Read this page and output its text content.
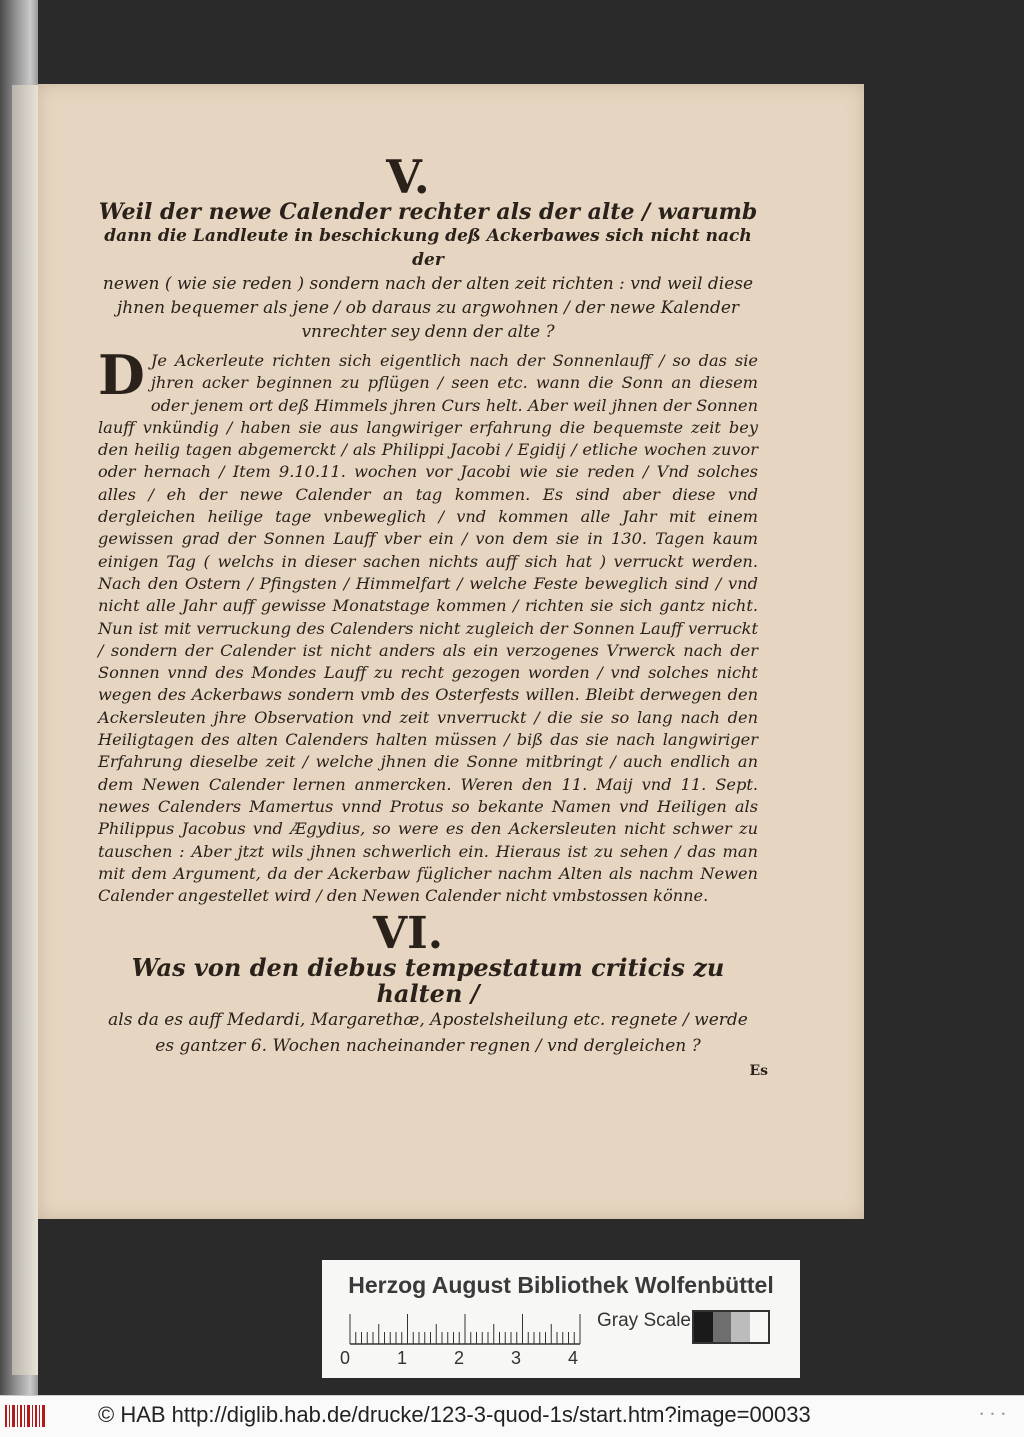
V.
Weil der newe Calender rechter als der alte / warumb
dann die Landleute in beschickung deß Ackerbawes sich nicht nach der
newen ( wie sie reden ) sondern nach der alten zeit richten : vnd weil diese jhnen bequemer als jene / ob daraus zu argwohnen / der newe Kalender vnrechter sey denn der alte ?
D Je Ackerleute richten sich eigentlich nach der Sonnenlauff / so das sie jhren acker beginnen zu pflügen / seen etc. wann die Sonn an diesem oder jenem ort deß Himmels jhren Curs helt. Aber weil jhnen der Sonnen lauff vnkündig / haben sie aus langwiriger erfahrung die bequemste zeit bey den heilig tagen abgemerckt / als Philippi Jacobi / Egidij / etliche wochen zuvor oder hernach / Item 9.10.11. wochen vor Jacobi wie sie reden / Vnd solches alles / eh der newe Calender an tag kommen. Es sind aber diese vnd dergleichen heilige tage vnbeweglich / vnd kommen alle Jahr mit einem gewissen grad der Sonnen Lauff vber ein / von dem sie in 130. Tagen kaum einigen Tag ( welchs in dieser sachen nichts auff sich hat ) verruckt werden. Nach den Ostern / Pfingsten / Himmelfart / welche Feste beweglich sind / vnd nicht alle Jahr auff gewisse Monatstage kommen / richten sie sich gantz nicht. Nun ist mit verruckung des Calenders nicht zugleich der Sonnen Lauff verruckt / sondern der Calender ist nicht anders als ein verzogenes Vrwerck nach der Sonnen vnnd des Mondes Lauff zu recht gezogen worden / vnd solches nicht wegen des Ackerbaws sondern vmb des Osterfests willen. Bleibt derwegen den Ackersleuten jhre Observation vnd zeit vnverruckt / die sie so lang nach den Heiligtagen des alten Calenders halten müssen / biß das sie nach langwiriger Erfahrung dieselbe zeit / welche jhnen die Sonne mitbringt / auch endlich an dem Newen Calender lernen anmercken. Weren den 11. Maij vnd 11. Sept. newes Calenders Mamertus vnnd Protus so bekante Namen vnd Heiligen als Philippus Jacobus vnd Ægydius, so were es den Ackersleuten nicht schwer zu tauschen : Aber jtzt wils jhnen schwerlich ein. Hieraus ist zu sehen / das man mit dem Argument, da der Ackerbaw füglicher nachm Alten als nachm Newen Calender angestellet wird / den Newen Calender nicht vmbstossen könne.
VI.
Was von den diebus tempestatum criticis zu halten /
als da es auff Medardi, Margarethæ, Apostelsheilung etc. regnete / werde es gantzer 6. Wochen nacheinander regnen / vnd dergleichen ?
Es
Herzog August Bibliothek Wolfenbüttel
0	1	2	3	4
Gray Scale
© HAB http://diglib.hab.de/drucke/123-3-quod-1s/start.htm?image=00033	• • •
